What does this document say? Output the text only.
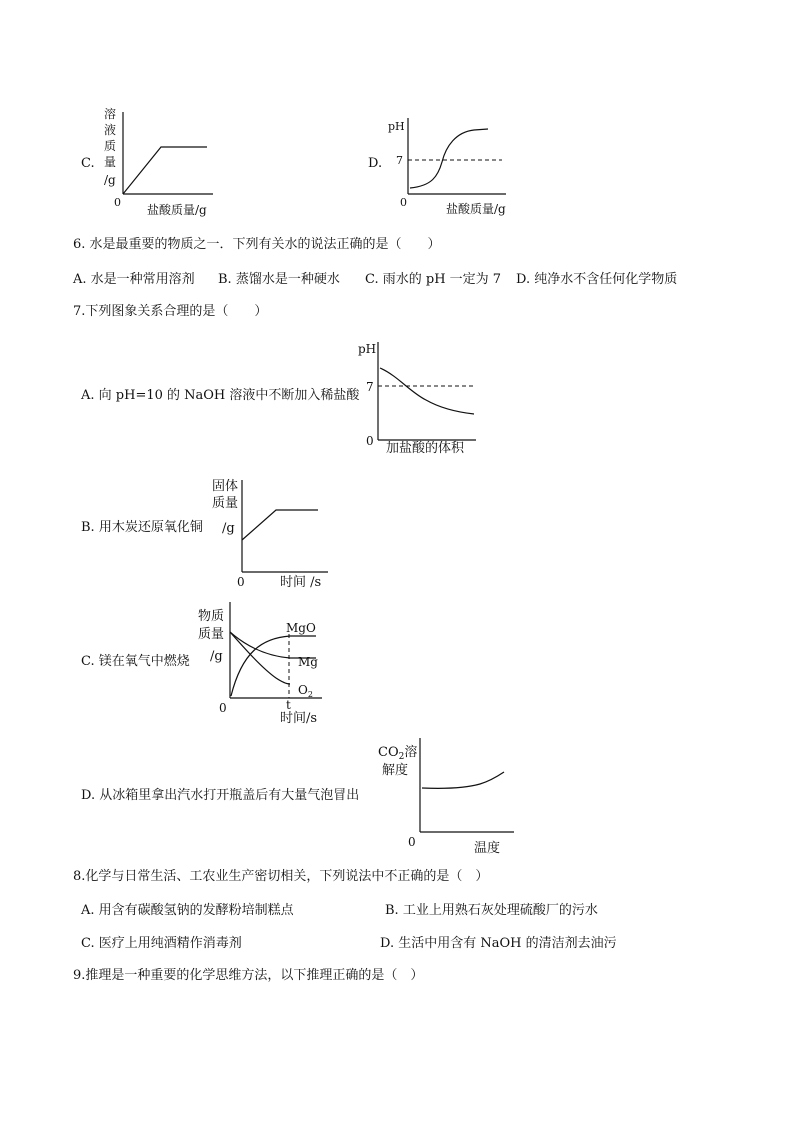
C.
溶
液
质
量
/g
0
盐酸质量/g
D.
pH
7
0	盐酸质量/g
6. 水是最重要的物质之一．下列有关水的说法正确的是（　　）
A. 水是一种常用溶剂 B. 蒸馏水是一种硬水 C. 雨水的 pH 一定为 7 D. 纯净水不含任何化学物质
7.下列图象关系合理的是（　　）
A. 向 pH=10 的 NaOH 溶液中不断加入稀盐酸
pH
7
0 加盐酸的体积
B. 用木炭还原氧化铜
固体
质量
/g
0	时间 /s
C. 镁在氧气中燃烧
物质
质量
/g
MgO
Mg
$O_2$
0	t
时间/s
D. 从冰箱里拿出汽水打开瓶盖后有大量气泡冒出
$CO_2$溶
解度
0	温度
8.化学与日常生活、工农业生产密切相关，下列说法中不正确的是（　）
A. 用含有碳酸氢钠的发酵粉培制糕点	B. 工业上用熟石灰处理硫酸厂的污水
C. 医疗上用纯酒精作消毒剂	D. 生活中用含有 NaOH 的清洁剂去油污
9.推理是一种重要的化学思维方法，以下推理正确的是（　）
